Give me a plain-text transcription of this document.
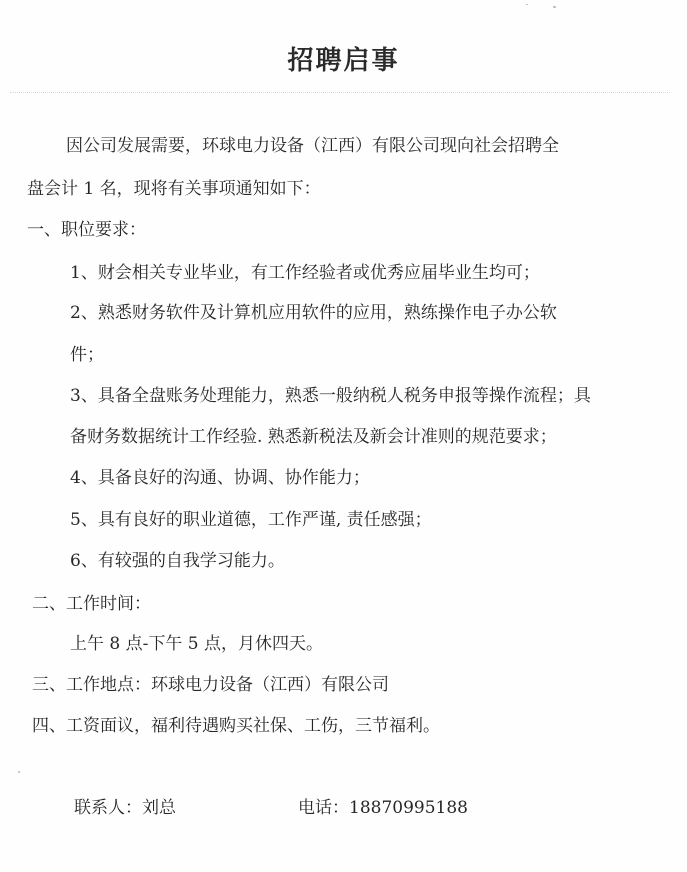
招聘启事
因公司发展需要，环球电力设备（江西）有限公司现向社会招聘全
盘会计 1 名，现将有关事项通知如下：
一、职位要求：
1、财会相关专业毕业，有工作经验者或优秀应届毕业生均可；
2、熟悉财务软件及计算机应用软件的应用，熟练操作电子办公软
件；
3、具备全盘账务处理能力，熟悉一般纳税人税务申报等操作流程；具
备财务数据统计工作经验. 熟悉新税法及新会计准则的规范要求；
4、具备良好的沟通、协调、协作能力；
5、具有良好的职业道德，工作严谨, 责任感强；
6、有较强的自我学习能力。
二、工作时间：
上午 8 点-下午 5 点，月休四天。
三、工作地点：环球电力设备（江西）有限公司
四、工资面议，福利待遇购买社保、工伤，三节福利。
联系人：刘总	电话：18870995188
